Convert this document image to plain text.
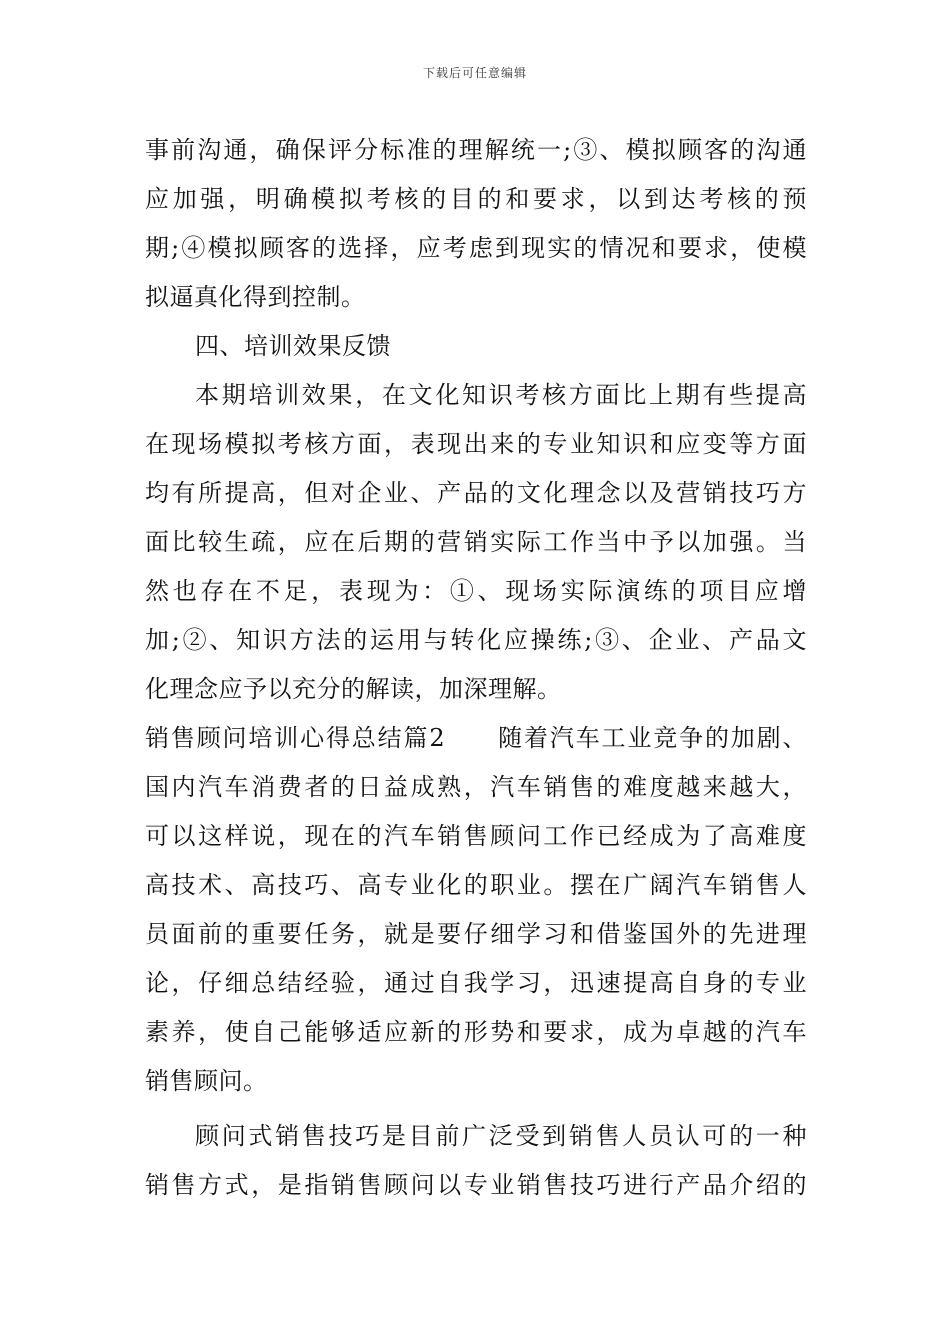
下载后可任意编辑
事前沟通，确保评分标准的理解统一;③、模拟顾客的沟通
应加强，明确模拟考核的目的和要求，以到达考核的预
期;④模拟顾客的选择，应考虑到现实的情况和要求，使模
拟逼真化得到控制。
四、培训效果反馈
本期培训效果，在文化知识考核方面比上期有些提高
在现场模拟考核方面，表现出来的专业知识和应变等方面
均有所提高，但对企业、产品的文化理念以及营销技巧方
面比较生疏，应在后期的营销实际工作当中予以加强。当
然也存在不足，表现为：①、现场实际演练的项目应增
加;②、知识方法的运用与转化应操练;③、企业、产品文
化理念应予以充分的解读，加深理解。
销售顾问培训心得总结篇2　　随着汽车工业竞争的加剧、
国内汽车消费者的日益成熟，汽车销售的难度越来越大，
可以这样说，现在的汽车销售顾问工作已经成为了高难度
高技术、高技巧、高专业化的职业。摆在广阔汽车销售人
员面前的重要任务，就是要仔细学习和借鉴国外的先进理
论，仔细总结经验，通过自我学习，迅速提高自身的专业
素养，使自己能够适应新的形势和要求，成为卓越的汽车
销售顾问。
顾问式销售技巧是目前广泛受到销售人员认可的一种
销售方式，是指销售顾问以专业销售技巧进行产品介绍的
